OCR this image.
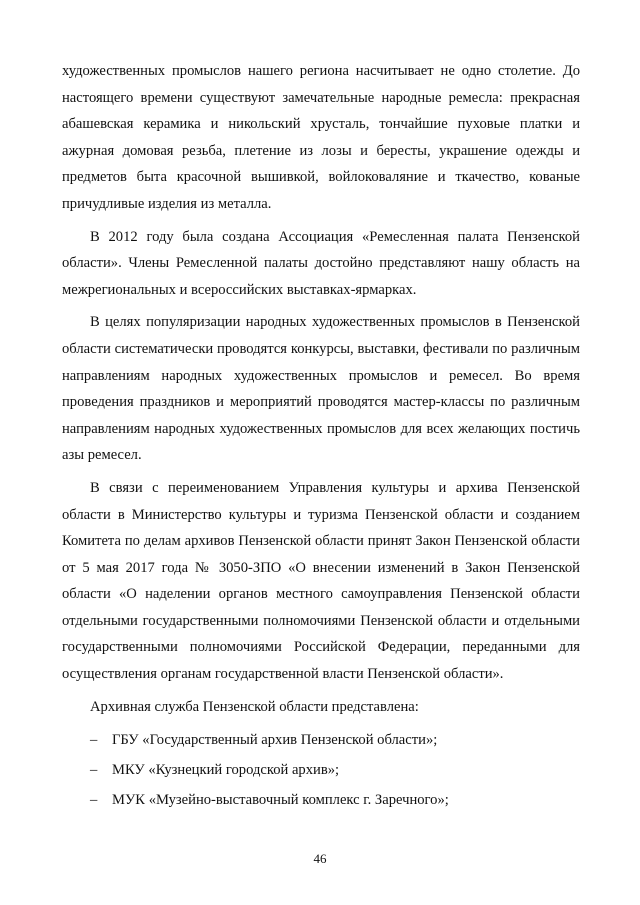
художественных промыслов нашего региона насчитывает не одно столетие. До настоящего времени существуют замечательные народные ремесла: прекрасная абашевская керамика и никольский хрусталь, тончайшие пуховые платки и ажурная домовая резьба, плетение из лозы и бересты, украшение одежды и предметов быта красочной вышивкой, войлоковаляние и ткачество, кованые причудливые изделия из металла.

В 2012 году была создана Ассоциация «Ремесленная палата Пензенской области». Члены Ремесленной палаты достойно представляют нашу область на межрегиональных и всероссийских выставках-ярмарках.

В целях популяризации народных художественных промыслов в Пензенской области систематически проводятся конкурсы, выставки, фестивали по различным направлениям народных художественных промыслов и ремесел. Во время проведения праздников и мероприятий проводятся мастер-классы по различным направлениям народных художественных промыслов для всех желающих постичь азы ремесел.

В связи с переименованием Управления культуры и архива Пензенской области в Министерство культуры и туризма Пензенской области и созданием Комитета по делам архивов Пензенской области принят Закон Пензенской области от 5 мая 2017 года № 3050-ЗПО «О внесении изменений в Закон Пензенской области «О наделении органов местного самоуправления Пензенской области отдельными государственными полномочиями Пензенской области и отдельными государственными полномочиями Российской Федерации, переданными для осуществления органам государственной власти Пензенской области».

Архивная служба Пензенской области представлена:

– ГБУ «Государственный архив Пензенской области»;
– МКУ «Кузнецкий городской архив»;
– МУК «Музейно-выставочный комплекс г. Заречного»;
46
